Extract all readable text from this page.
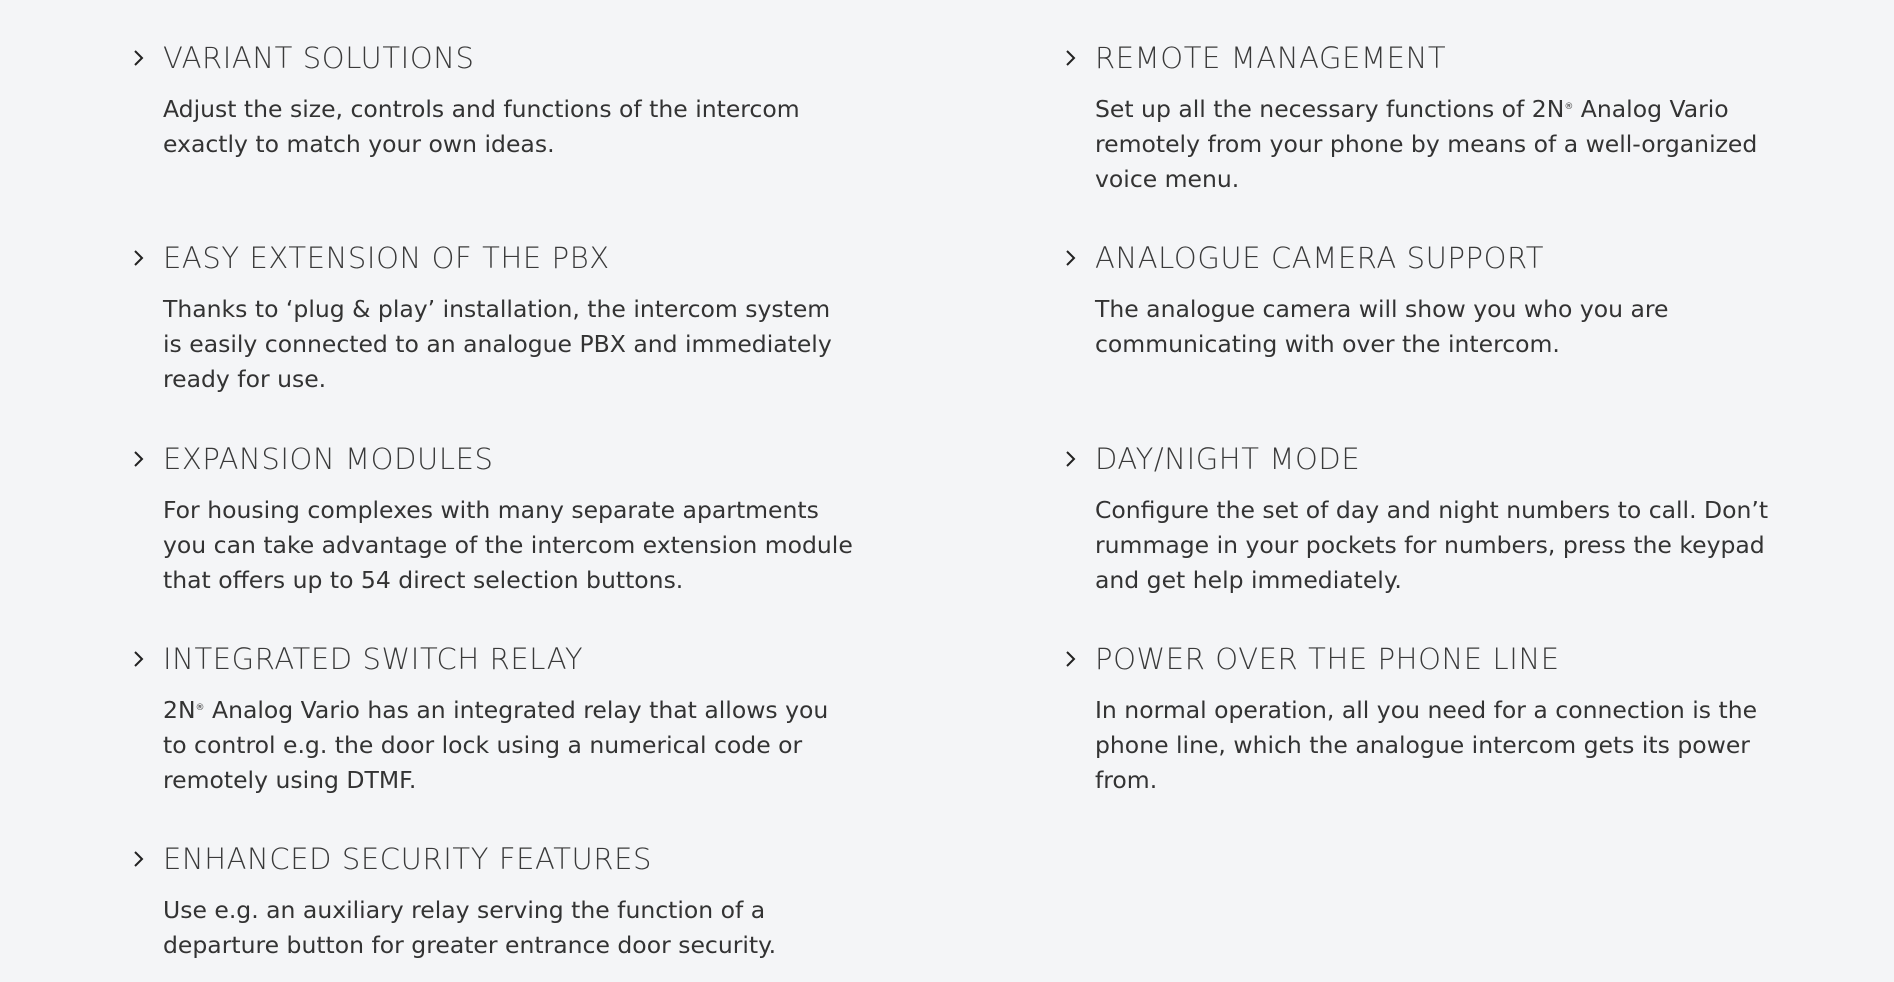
VARIANT SOLUTIONS
Adjust the size, controls and functions of the intercom exactly to match your own ideas.
REMOTE MANAGEMENT
Set up all the necessary functions of 2N® Analog Vario remotely from your phone by means of a well-organized voice menu.
EASY EXTENSION OF THE PBX
Thanks to ‘plug & play’ installation, the intercom system is easily connected to an analogue PBX and immediately ready for use.
ANALOGUE CAMERA SUPPORT
The analogue camera will show you who you are communicating with over the intercom.
EXPANSION MODULES
For housing complexes with many separate apartments you can take advantage of the intercom extension module that offers up to 54 direct selection buttons.
DAY/NIGHT MODE
Configure the set of day and night numbers to call. Don’t rummage in your pockets for numbers, press the keypad and get help immediately.
INTEGRATED SWITCH RELAY
2N® Analog Vario has an integrated relay that allows you to control e.g. the door lock using a numerical code or remotely using DTMF.
POWER OVER THE PHONE LINE
In normal operation, all you need for a connection is the phone line, which the analogue intercom gets its power from.
ENHANCED SECURITY FEATURES
Use e.g. an auxiliary relay serving the function of a departure button for greater entrance door security.
